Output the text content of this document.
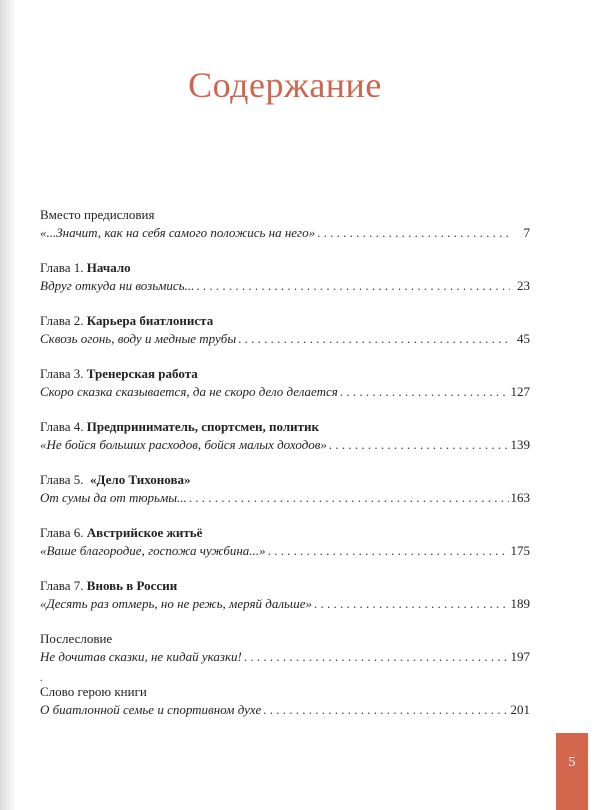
Содержание
Вместо предисловия
«...Значит, как на себя самого положись на него» . . .	7
Глава 1. Начало
Вдруг откуда ни возьмись... . . .	23
Глава 2. Карьера биатлониста
Сквозь огонь, воду и медные трубы . . .	45
Глава 3. Тренерская работа
Скоро сказка сказывается, да не скоро дело делается . . .	127
Глава 4. Предприниматель, спортсмен, политик
«Не бойся больших расходов, бойся малых доходов» . . .	139
Глава 5. «Дело Тихонова»
От сумы да от тюрьмы... . . .	163
Глава 6. Австрийское житьё
«Ваше благородие, госпожа чужбина...» . . .	175
Глава 7. Вновь в России
«Десять раз отмерь, но не режь, меряй дальше» . . .	189
Послесловие
Не дочитав сказки, не кидай указки! . . .	197
.
Слово герою книги
О биатлонной семье и спортивном духе . . .	201
5
